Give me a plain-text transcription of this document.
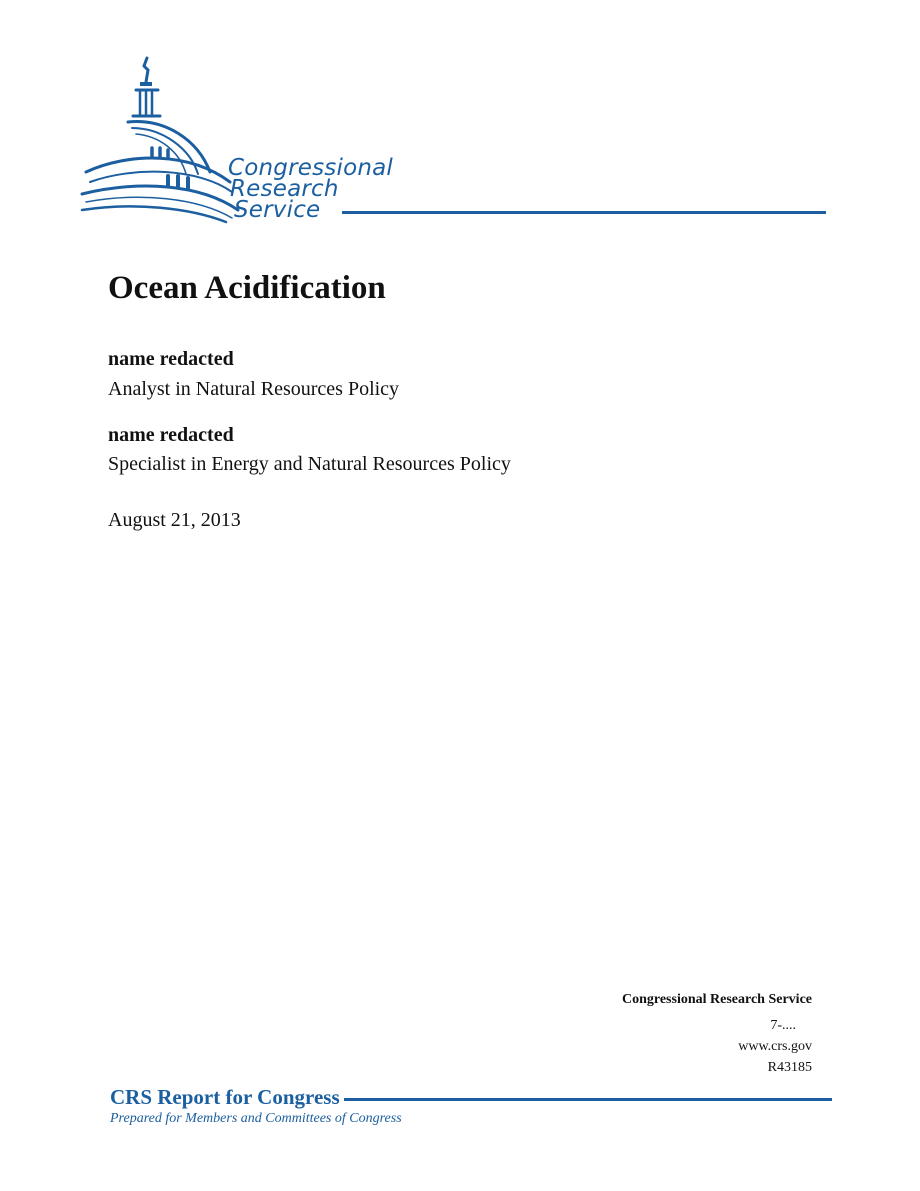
Congressional
Research
Service
Ocean Acidification
name redacted
Analyst in Natural Resources Policy
name redacted
Specialist in Energy and Natural Resources Policy
August 21, 2013
Congressional Research Service
7-....
www.crs.gov
R43185
CRS Report for Congress
Prepared for Members and Committees of Congress
